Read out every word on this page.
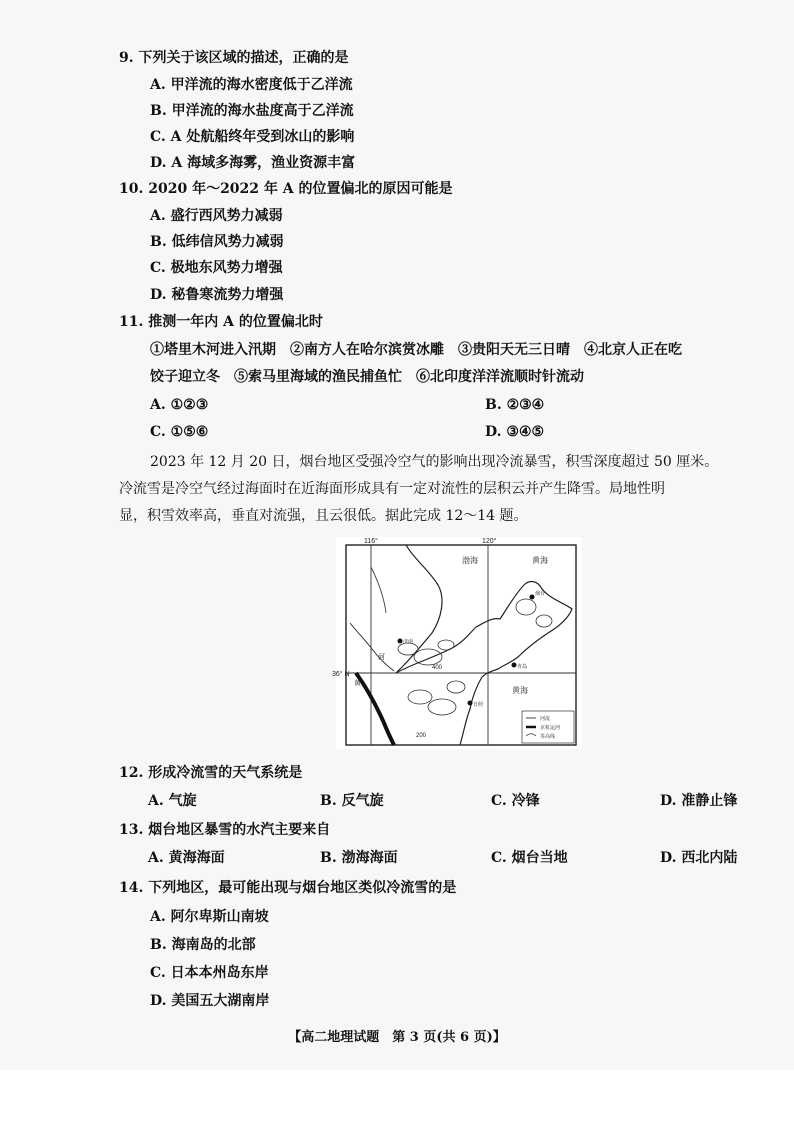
9. 下列关于该区域的描述，正确的是
A. 甲洋流的海水密度低于乙洋流
B. 甲洋流的海水盐度高于乙洋流
C. A 处航船终年受到冰山的影响
D. A 海域多海雾，渔业资源丰富
10. 2020 年～2022 年 A 的位置偏北的原因可能是
A. 盛行西风势力减弱
B. 低纬信风势力减弱
C. 极地东风势力增强
D. 秘鲁寒流势力增强
11. 推测一年内 A 的位置偏北时
①塔里木河进入汛期　②南方人在哈尔滨赏冰雕　③贵阳天无三日晴　④北京人正在吃
饺子迎立冬　⑤索马里海域的渔民捕鱼忙　⑥北印度洋洋流顺时针流动
A. ①②③	B. ②③④
C. ①⑤⑥	D. ③④⑤
2023 年 12 月 20 日，烟台地区受强冷空气的影响出现冷流暴雪，积雪深度超过 50 厘米。
冷流雪是冷空气经过海面时在近海面形成具有一定对流性的层积云并产生降雪。局地性明
显，积雪效率高，垂直对流强，且云很低。据此完成 12～14 题。
116°	120°
36° N
渤海	黄海
黄海
河
黄
济南
烟台
青岛
日照
400
200
河流
京杭运河
等高线
12. 形成冷流雪的天气系统是
A. 气旋	B. 反气旋	C. 冷锋	D. 准静止锋
13. 烟台地区暴雪的水汽主要来自
A. 黄海海面	B. 渤海海面	C. 烟台当地	D. 西北内陆
14. 下列地区，最可能出现与烟台地区类似冷流雪的是
A. 阿尔卑斯山南坡
B. 海南岛的北部
C. 日本本州岛东岸
D. 美国五大湖南岸
【高二地理试题　第 3 页(共 6 页)】
